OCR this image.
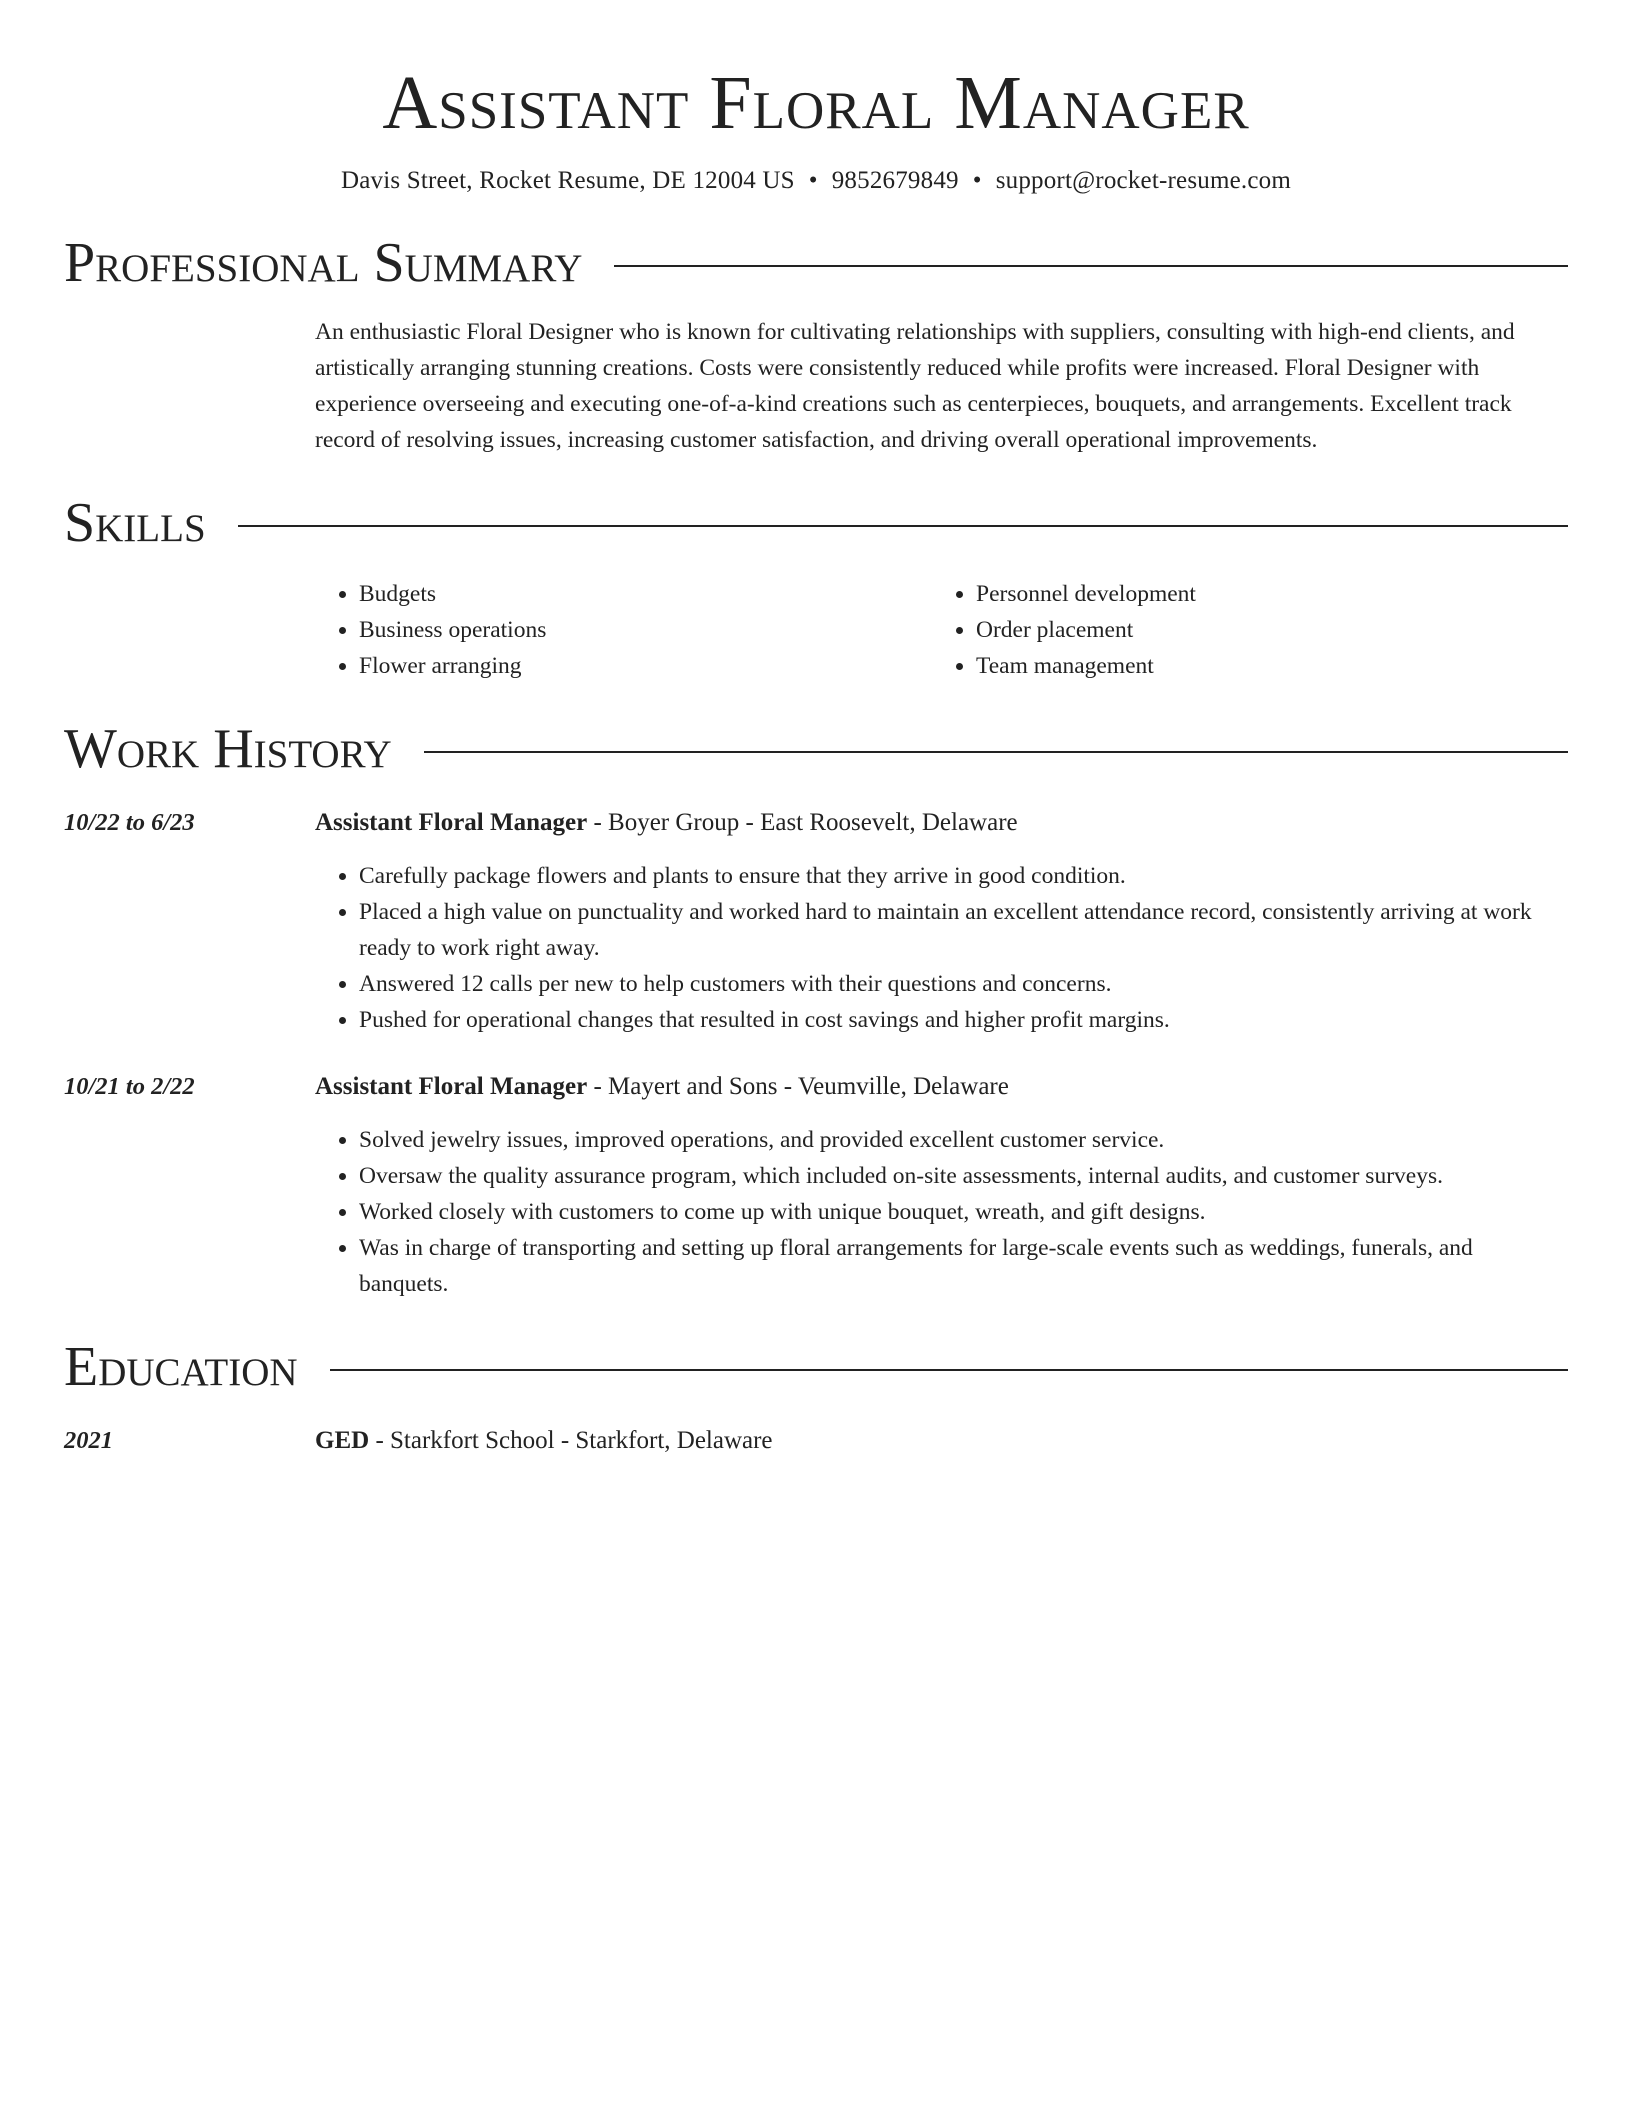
Assistant Floral Manager
Davis Street, Rocket Resume, DE 12004 US • 9852679849 • support@rocket-resume.com
Professional Summary
An enthusiastic Floral Designer who is known for cultivating relationships with suppliers, consulting with high-end clients, and artistically arranging stunning creations. Costs were consistently reduced while profits were increased. Floral Designer with experience overseeing and executing one-of-a-kind creations such as centerpieces, bouquets, and arrangements. Excellent track record of resolving issues, increasing customer satisfaction, and driving overall operational improvements.
Skills
• Budgets
• Business operations
• Flower arranging
• Personnel development
• Order placement
• Team management
Work History
10/22 to 6/23	Assistant Floral Manager - Boyer Group - East Roosevelt, Delaware
• Carefully package flowers and plants to ensure that they arrive in good condition.
• Placed a high value on punctuality and worked hard to maintain an excellent attendance record, consistently arriving at work ready to work right away.
• Answered 12 calls per new to help customers with their questions and concerns.
• Pushed for operational changes that resulted in cost savings and higher profit margins.
10/21 to 2/22	Assistant Floral Manager - Mayert and Sons - Veumville, Delaware
• Solved jewelry issues, improved operations, and provided excellent customer service.
• Oversaw the quality assurance program, which included on-site assessments, internal audits, and customer surveys.
• Worked closely with customers to come up with unique bouquet, wreath, and gift designs.
• Was in charge of transporting and setting up floral arrangements for large-scale events such as weddings, funerals, and banquets.
Education
2021	GED - Starkfort School - Starkfort, Delaware
